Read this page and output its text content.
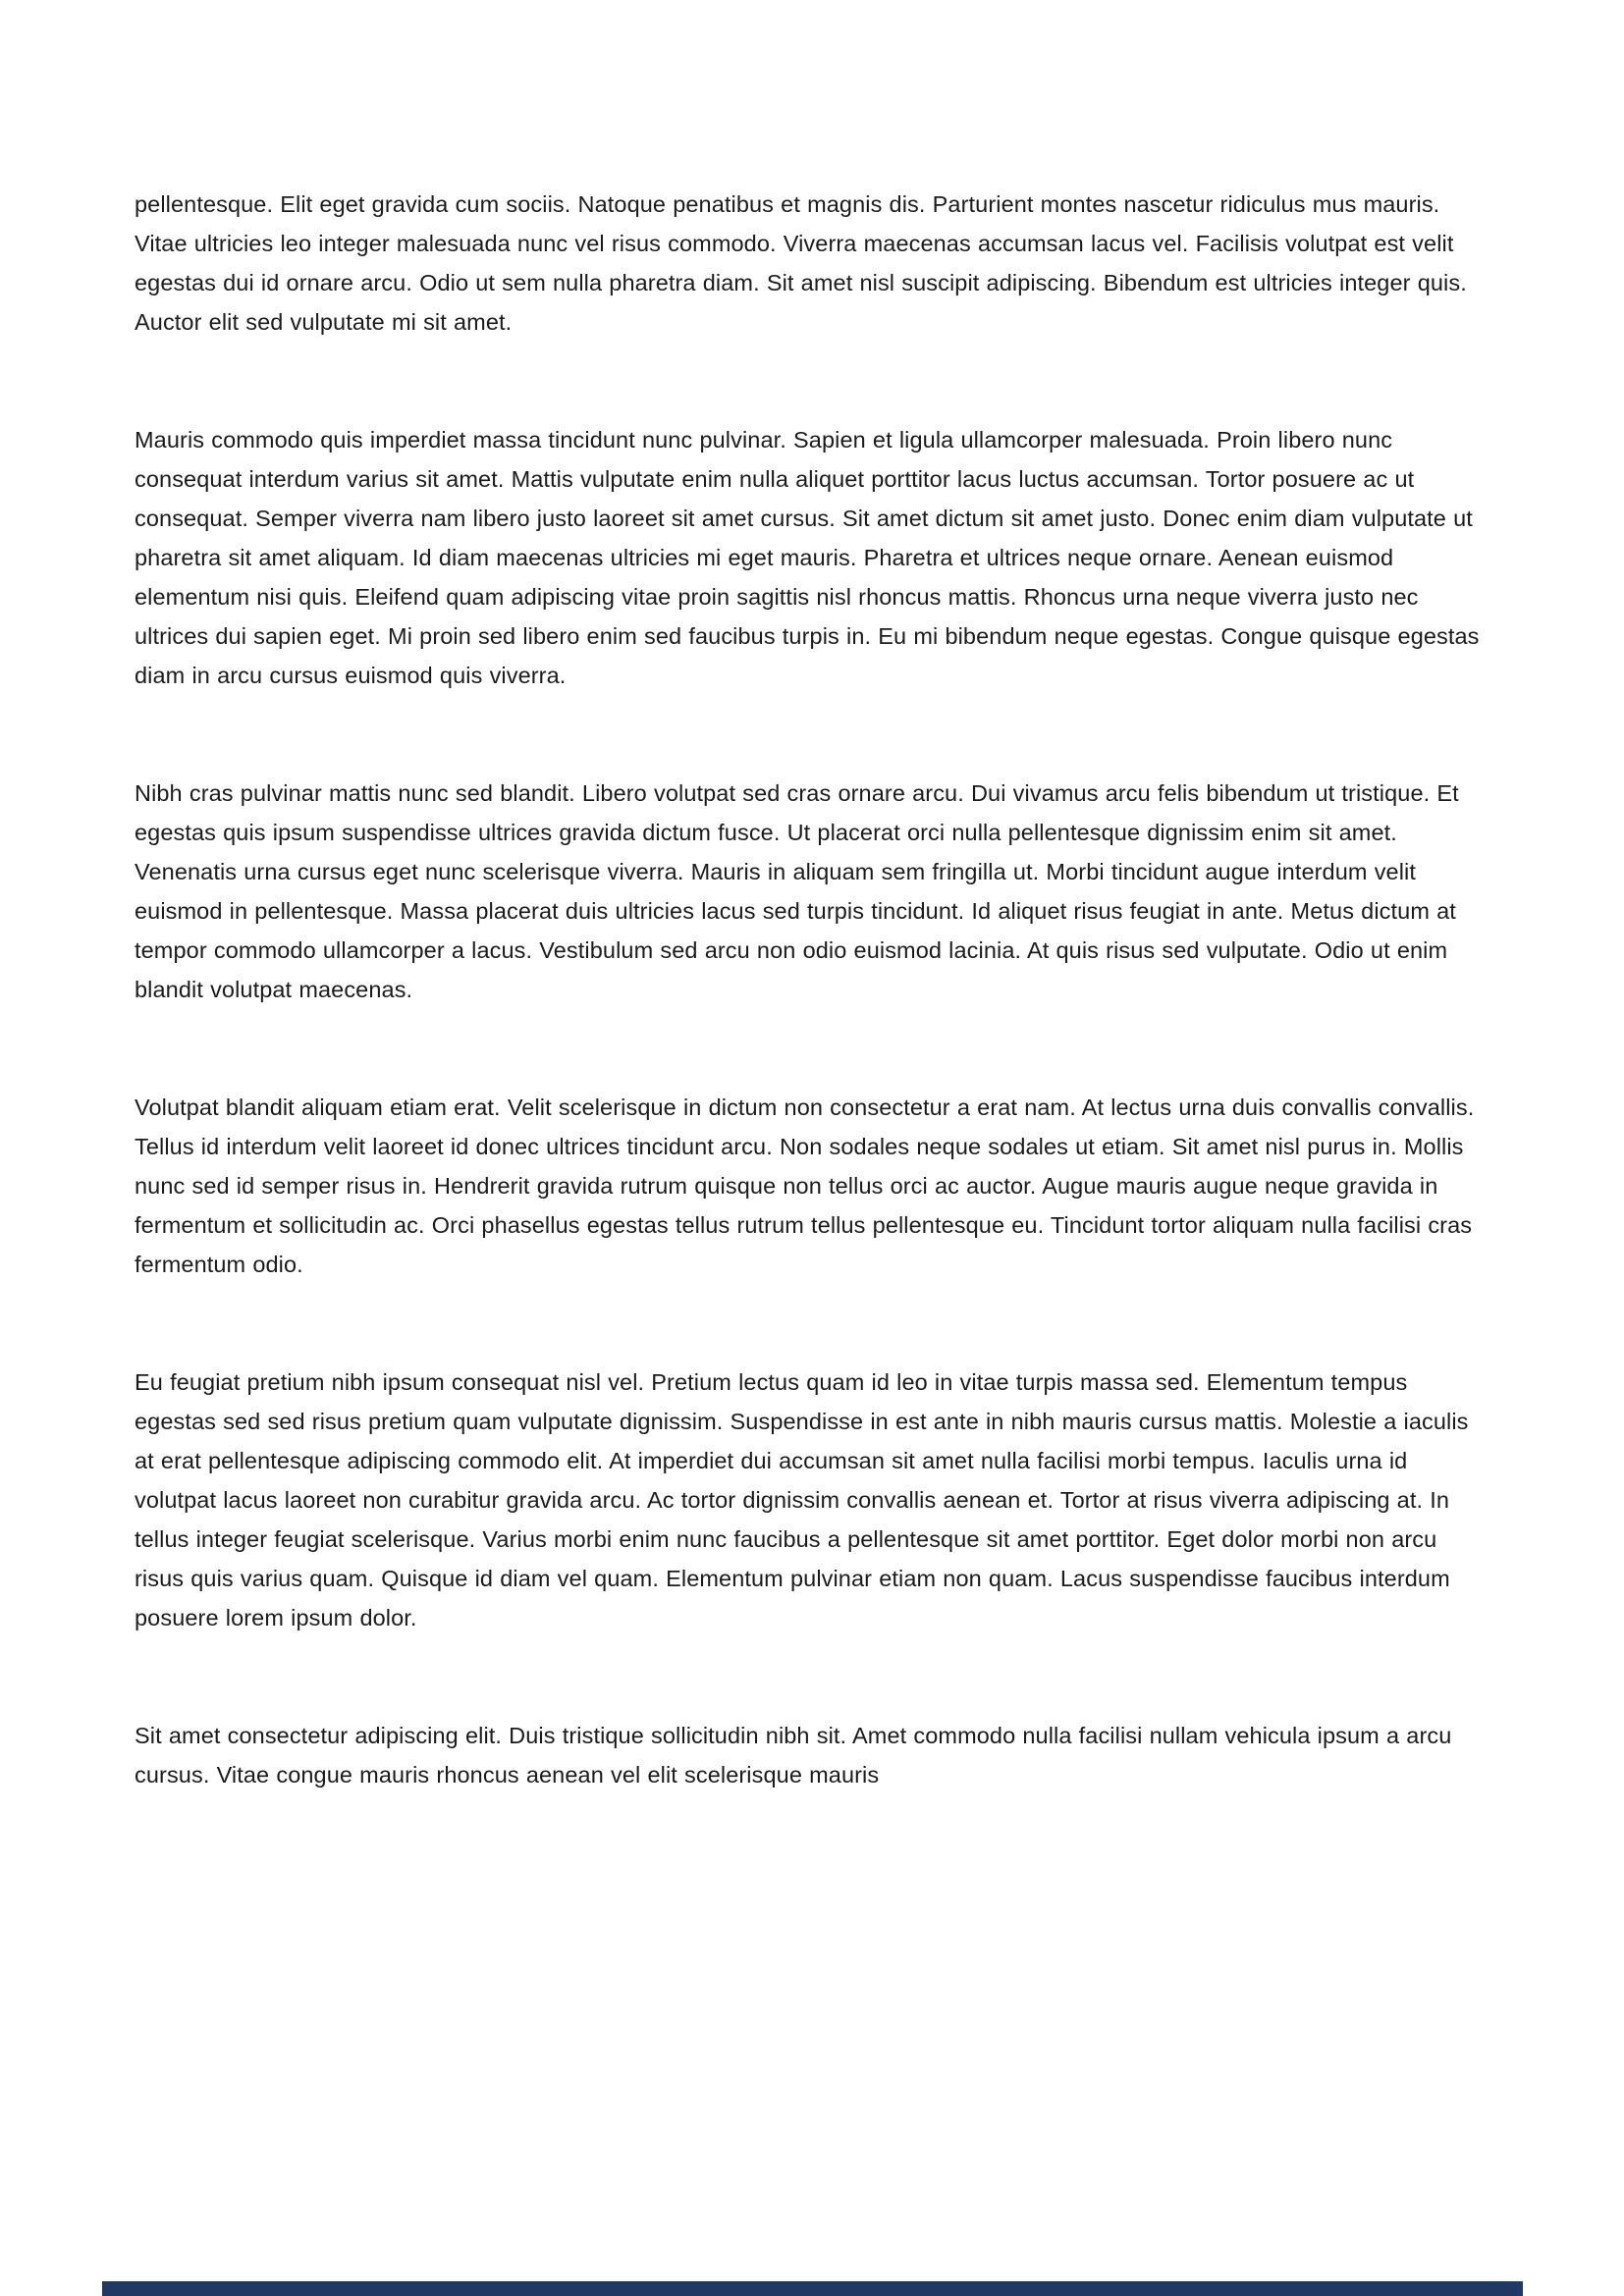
pellentesque. Elit eget gravida cum sociis. Natoque penatibus et magnis dis. Parturient montes nascetur ridiculus mus mauris. Vitae ultricies leo integer malesuada nunc vel risus commodo. Viverra maecenas accumsan lacus vel. Facilisis volutpat est velit egestas dui id ornare arcu. Odio ut sem nulla pharetra diam. Sit amet nisl suscipit adipiscing. Bibendum est ultricies integer quis. Auctor elit sed vulputate mi sit amet.

Mauris commodo quis imperdiet massa tincidunt nunc pulvinar. Sapien et ligula ullamcorper malesuada. Proin libero nunc consequat interdum varius sit amet. Mattis vulputate enim nulla aliquet porttitor lacus luctus accumsan. Tortor posuere ac ut consequat. Semper viverra nam libero justo laoreet sit amet cursus. Sit amet dictum sit amet justo. Donec enim diam vulputate ut pharetra sit amet aliquam. Id diam maecenas ultricies mi eget mauris. Pharetra et ultrices neque ornare. Aenean euismod elementum nisi quis. Eleifend quam adipiscing vitae proin sagittis nisl rhoncus mattis. Rhoncus urna neque viverra justo nec ultrices dui sapien eget. Mi proin sed libero enim sed faucibus turpis in. Eu mi bibendum neque egestas. Congue quisque egestas diam in arcu cursus euismod quis viverra.

Nibh cras pulvinar mattis nunc sed blandit. Libero volutpat sed cras ornare arcu. Dui vivamus arcu felis bibendum ut tristique. Et egestas quis ipsum suspendisse ultrices gravida dictum fusce. Ut placerat orci nulla pellentesque dignissim enim sit amet. Venenatis urna cursus eget nunc scelerisque viverra. Mauris in aliquam sem fringilla ut. Morbi tincidunt augue interdum velit euismod in pellentesque. Massa placerat duis ultricies lacus sed turpis tincidunt. Id aliquet risus feugiat in ante. Metus dictum at tempor commodo ullamcorper a lacus. Vestibulum sed arcu non odio euismod lacinia. At quis risus sed vulputate. Odio ut enim blandit volutpat maecenas.

Volutpat blandit aliquam etiam erat. Velit scelerisque in dictum non consectetur a erat nam. At lectus urna duis convallis convallis. Tellus id interdum velit laoreet id donec ultrices tincidunt arcu. Non sodales neque sodales ut etiam. Sit amet nisl purus in. Mollis nunc sed id semper risus in. Hendrerit gravida rutrum quisque non tellus orci ac auctor. Augue mauris augue neque gravida in fermentum et sollicitudin ac. Orci phasellus egestas tellus rutrum tellus pellentesque eu. Tincidunt tortor aliquam nulla facilisi cras fermentum odio.

Eu feugiat pretium nibh ipsum consequat nisl vel. Pretium lectus quam id leo in vitae turpis massa sed. Elementum tempus egestas sed sed risus pretium quam vulputate dignissim. Suspendisse in est ante in nibh mauris cursus mattis. Molestie a iaculis at erat pellentesque adipiscing commodo elit. At imperdiet dui accumsan sit amet nulla facilisi morbi tempus. Iaculis urna id volutpat lacus laoreet non curabitur gravida arcu. Ac tortor dignissim convallis aenean et. Tortor at risus viverra adipiscing at. In tellus integer feugiat scelerisque. Varius morbi enim nunc faucibus a pellentesque sit amet porttitor. Eget dolor morbi non arcu risus quis varius quam. Quisque id diam vel quam. Elementum pulvinar etiam non quam. Lacus suspendisse faucibus interdum posuere lorem ipsum dolor.

Sit amet consectetur adipiscing elit. Duis tristique sollicitudin nibh sit. Amet commodo nulla facilisi nullam vehicula ipsum a arcu cursus. Vitae congue mauris rhoncus aenean vel elit scelerisque mauris
